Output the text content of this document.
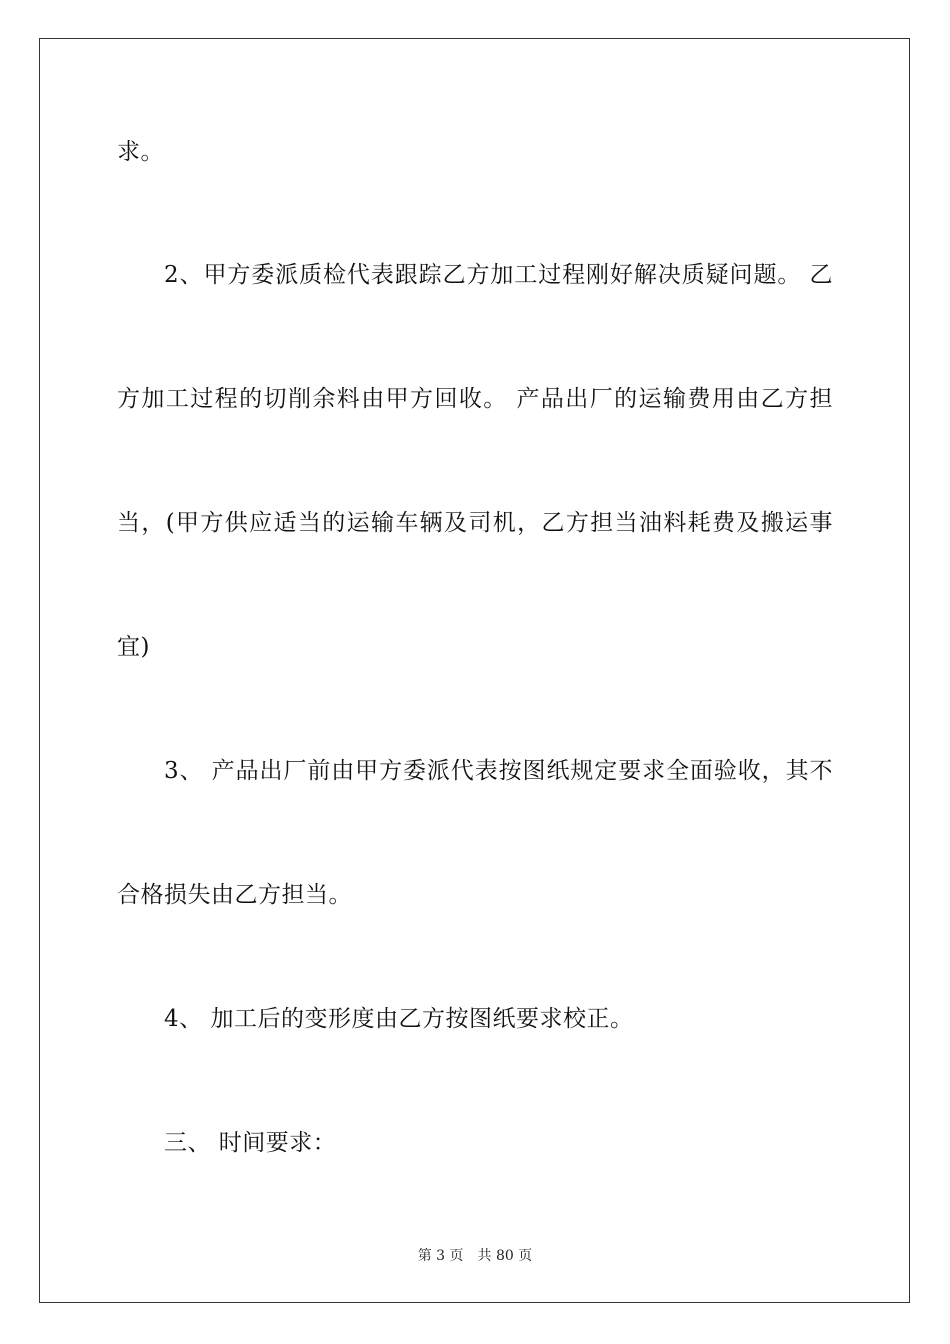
求。
2、甲方委派质检代表跟踪乙方加工过程刚好解决质疑问题。 乙
方加工过程的切削余料由甲方回收。 产品出厂的运输费用由乙方担
当，(甲方供应适当的运输车辆及司机，乙方担当油料耗费及搬运事
宜)
3、 产品出厂前由甲方委派代表按图纸规定要求全面验收，其不
合格损失由乙方担当。
4、 加工后的变形度由乙方按图纸要求校正。
三、 时间要求：
第 3 页 共 80 页
